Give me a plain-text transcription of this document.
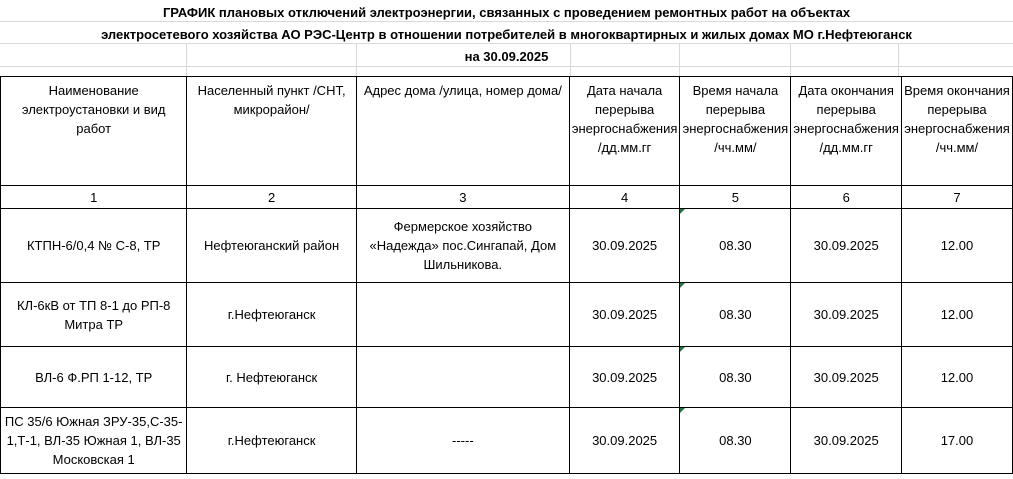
ГРАФИК плановых отключений электроэнергии, связанных с проведением ремонтных работ на объектах
электросетевого хозяйства АО РЭС-Центр в отношении потребителей в многоквартирных и жилых домах МО г.Нефтеюганск
на 30.09.2025
Наименование электроустановки и вид работ	Населенный пункт /СНТ, микрорайон/	Адрес дома /улица, номер дома/	Дата начала перерыва энергоснабжения /дд.мм.гг	Время начала перерыва энергоснабжения /чч.мм/	Дата окончания перерыва энергоснабжения /дд.мм.гг	Время окончания перерыва энергоснабжения /чч.мм/
1	2	3	4	5	6	7
КТПН-6/0,4 № С-8, ТР	Нефтеюганский район	Фермерское хозяйство «Надежда» пос.Сингапай, Дом Шильникова.	30.09.2025	08.30	30.09.2025	12.00
КЛ-6кВ от ТП 8-1 до РП-8 Митра ТР	г.Нефтеюганск		30.09.2025	08.30	30.09.2025	12.00
ВЛ-6 Ф.РП 1-12, ТР	г. Нефтеюганск		30.09.2025	08.30	30.09.2025	12.00
ПС 35/6 Южная ЗРУ-35,С-35-1,Т-1, ВЛ-35 Южная 1, ВЛ-35 Московская 1	г.Нефтеюганск	-----	30.09.2025	08.30	30.09.2025	17.00
